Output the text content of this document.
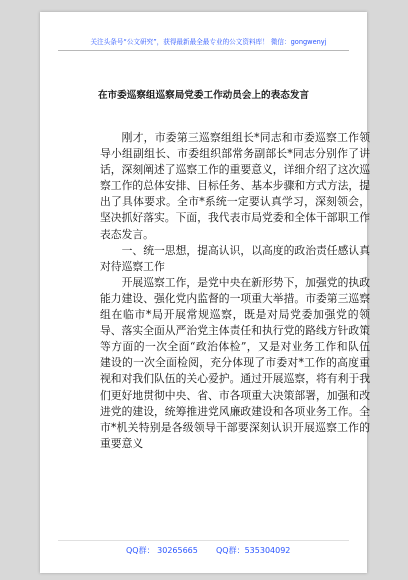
关注头条号“公文研究”，获得最新最全最专业的公文资料库！ 微信：gongwenyj
在市委巡察组巡察局党委工作动员会上的表态发言

刚才，市委第三巡察组组长*同志和市委巡察工作领导小组副组长、市委组织部常务副部长*同志分别作了讲话，深刻阐述了巡察工作的重要意义，详细介绍了这次巡察工作的总体安排、目标任务、基本步骤和方式方法，提出了具体要求。全市*系统一定要认真学习，深刻领会，坚决抓好落实。下面，我代表市局党委和全体干部职工作表态发言。

一、统一思想，提高认识，以高度的政治责任感认真对待巡察工作

开展巡察工作，是党中央在新形势下，加强党的执政能力建设、强化党内监督的一项重大举措。市委第三巡察组在临市*局开展常规巡察，既是对局党委加强党的领导、落实全面从严治党主体责任和执行党的路线方针政策等方面的一次全面“政治体检”，又是对业务工作和队伍建设的一次全面检阅，充分体现了市委对*工作的高度重视和对我们队伍的关心爱护。通过开展巡察，将有利于我们更好地贯彻中央、省、市各项重大决策部署，加强和改进党的建设，统筹推进党风廉政建设和各项业务工作。全市*机关特别是各级领导干部要深刻认识开展巡察工作的重要意义

QQ群： 30265665 QQ群：535304092
